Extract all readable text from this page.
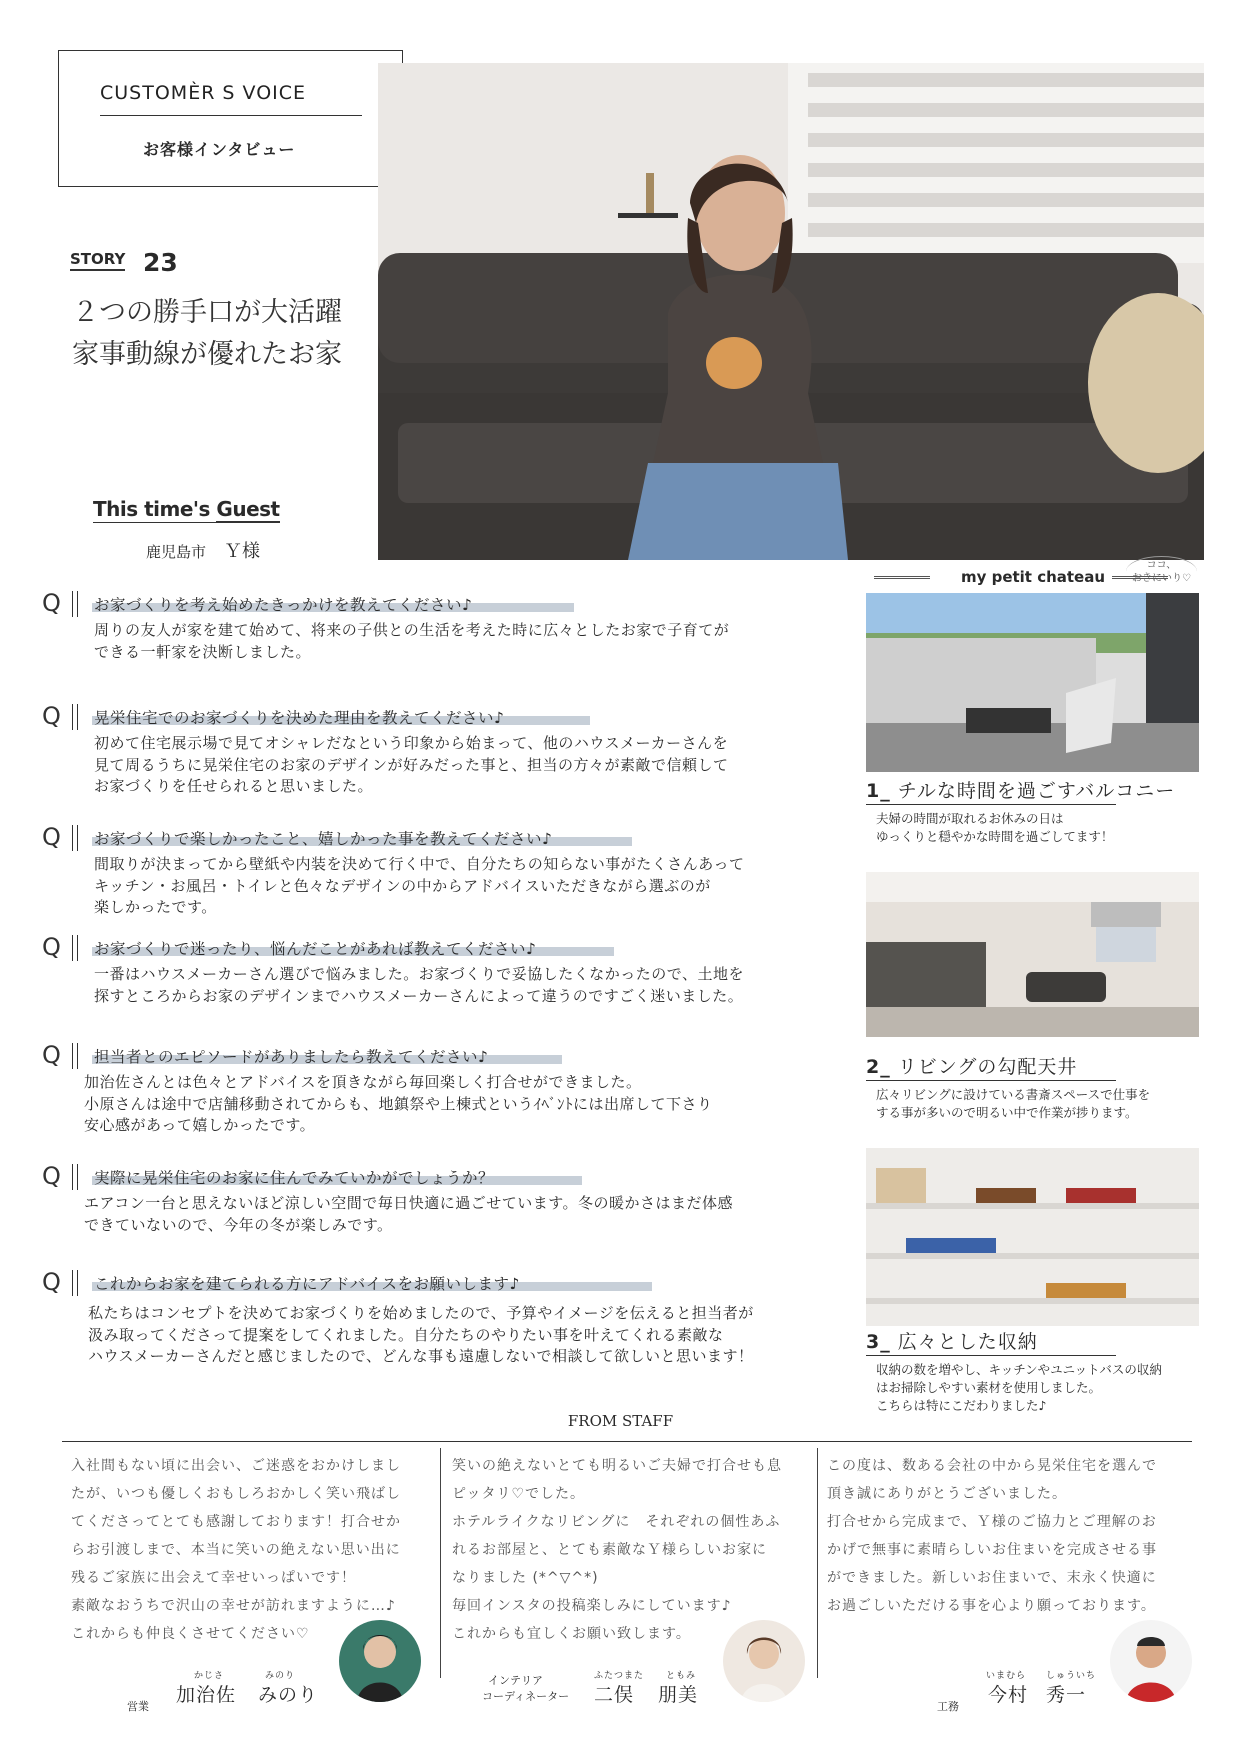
CUSTOMÈR S VOICE
お客様インタビュー
STORY 23
２つの勝手口が大活躍
家事動線が優れたお家
This time's Guest
鹿児島市 Ｙ様
Q お家づくりを考え始めたきっかけを教えてください♪
周りの友人が家を建て始めて、将来の子供との生活を考えた時に広々としたお家で子育てが
できる一軒家を決断しました。
Q 晃栄住宅でのお家づくりを決めた理由を教えてください♪
初めて住宅展示場で見てオシャレだなという印象から始まって、他のハウスメーカーさんを
見て周るうちに晃栄住宅のお家のデザインが好みだった事と、担当の方々が素敵で信頼して
お家づくりを任せられると思いました。
Q お家づくりで楽しかったこと、嬉しかった事を教えてください♪
間取りが決まってから壁紙や内装を決めて行く中で、自分たちの知らない事がたくさんあって
キッチン・お風呂・トイレと色々なデザインの中からアドバイスいただきながら選ぶのが
楽しかったです。
Q お家づくりで迷ったり、悩んだことがあれば教えてください♪
一番はハウスメーカーさん選びで悩みました。お家づくりで妥協したくなかったので、土地を
探すところからお家のデザインまでハウスメーカーさんによって違うのですごく迷いました。
Q 担当者とのエピソードがありましたら教えてください♪
加治佐さんとは色々とアドバイスを頂きながら毎回楽しく打合せができました。
小原さんは途中で店舗移動されてからも、地鎮祭や上棟式というｲﾍﾞﾝﾄには出席して下さり
安心感があって嬉しかったです。
Q 実際に晃栄住宅のお家に住んでみていかがでしょうか？
エアコン一台と思えないほど涼しい空間で毎日快適に過ごせています。冬の暖かさはまだ体感
できていないので、今年の冬が楽しみです。
Q これからお家を建てられる方にアドバイスをお願いします♪
私たちはコンセプトを決めてお家づくりを始めましたので、予算やイメージを伝えると担当者が
汲み取ってくださって提案をしてくれました。自分たちのやりたい事を叶えてくれる素敵な
ハウスメーカーさんだと感じましたので、どんな事も遠慮しないで相談して欲しいと思います！
my petit chateau
ココ、
おきにいり♡
1_ チルな時間を過ごすバルコニー
夫婦の時間が取れるお休みの日は
ゆっくりと穏やかな時間を過ごしてます！
2_ リビングの勾配天井
広々リビングに設けている書斎スペースで仕事を
する事が多いので明るい中で作業が捗ります。
3_ 広々とした収納
収納の数を増やし、キッチンやユニットバスの収納
はお掃除しやすい素材を使用しました。
こちらは特にこだわりました♪
FROM STAFF
入社間もない頃に出会い、ご迷惑をおかけしまし
たが、いつも優しくおもしろおかしく笑い飛ばし
てくださってとても感謝しております！打合せか
らお引渡しまで、本当に笑いの絶えない思い出に
残るご家族に出会えて幸せいっぱいです！
素敵なおうちで沢山の幸せが訪れますように…♪
これからも仲良くさせてください♡
笑いの絶えないとても明るいご夫婦で打合せも息
ピッタリ♡でした。
ホテルライクなリビングに　それぞれの個性あふ
れるお部屋と、とても素敵なＹ様らしいお家に
なりました (*^▽^*)
毎回インスタの投稿楽しみにしています♪
これからも宜しくお願い致します。
この度は、数ある会社の中から晃栄住宅を選んで
頂き誠にありがとうございました。
打合せから完成まで、Ｙ様のご協力とご理解のお
かげで無事に素晴らしいお住まいを完成させる事
ができました。新しいお住まいで、末永く快適に
お過ごしいただける事を心より願っております。
営業
かじさ	みのり
加治佐 みのり
インテリア
コーディネーター
ふたつまた ともみ
二俣 朋美
工務
いまむら しゅういち
今村 秀一
